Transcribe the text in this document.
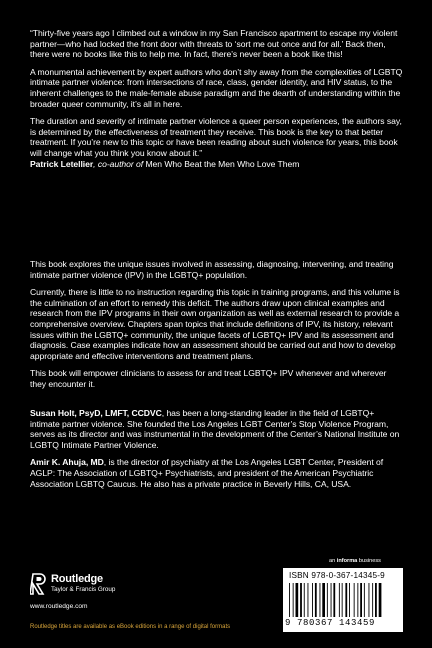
“Thirty-five years ago I climbed out a window in my San Francisco apartment to escape my violent partner—who had locked the front door with threats to ‘sort me out once and for all.’ Back then, there were no books like this to help me. In fact, there’s never been a book like this!

A monumental achievement by expert authors who don’t shy away from the complexities of LGBTQ intimate partner violence: from intersections of race, class, gender identity, and HIV status, to the inherent challenges to the male-female abuse paradigm and the dearth of understanding within the broader queer community, it’s all in here.

The duration and severity of intimate partner violence a queer person experiences, the authors say, is determined by the effectiveness of treatment they receive. This book is the key to that better treatment. If you’re new to this topic or have been reading about such violence for years, this book will change what you think you know about it.”
Patrick Letellier, co-author of Men Who Beat the Men Who Love Them

This book explores the unique issues involved in assessing, diagnosing, intervening, and treating intimate partner violence (IPV) in the LGBTQ+ population.

Currently, there is little to no instruction regarding this topic in training programs, and this volume is the culmination of an effort to remedy this deficit. The authors draw upon clinical examples and research from the IPV programs in their own organization as well as external research to provide a comprehensive overview. Chapters span topics that include definitions of IPV, its history, relevant issues within the LGBTQ+ community, the unique facets of LGBTQ+ IPV and its assessment and diagnosis. Case examples indicate how an assessment should be carried out and how to develop appropriate and effective interventions and treatment plans.

This book will empower clinicians to assess for and treat LGBTQ+ IPV whenever and wherever they encounter it.

Susan Holt, PsyD, LMFT, CCDVC, has been a long-standing leader in the field of LGBTQ+ intimate partner violence. She founded the Los Angeles LGBT Center’s Stop Violence Program, serves as its director and was instrumental in the development of the Center’s National Institute on LGBTQ Intimate Partner Violence.

Amir K. Ahuja, MD, is the director of psychiatry at the Los Angeles LGBT Center, President of AGLP: The Association of LGBTQ+ Psychiatrists, and president of the American Psychiatric Association LGBTQ Caucus. He also has a private practice in Beverly Hills, CA, USA.

an informa business
Routledge
Taylor & Francis Group
www.routledge.com
Routledge titles are available as eBook editions in a range of digital formats
ISBN 978-0-367-14345-9
9 780367 143459
